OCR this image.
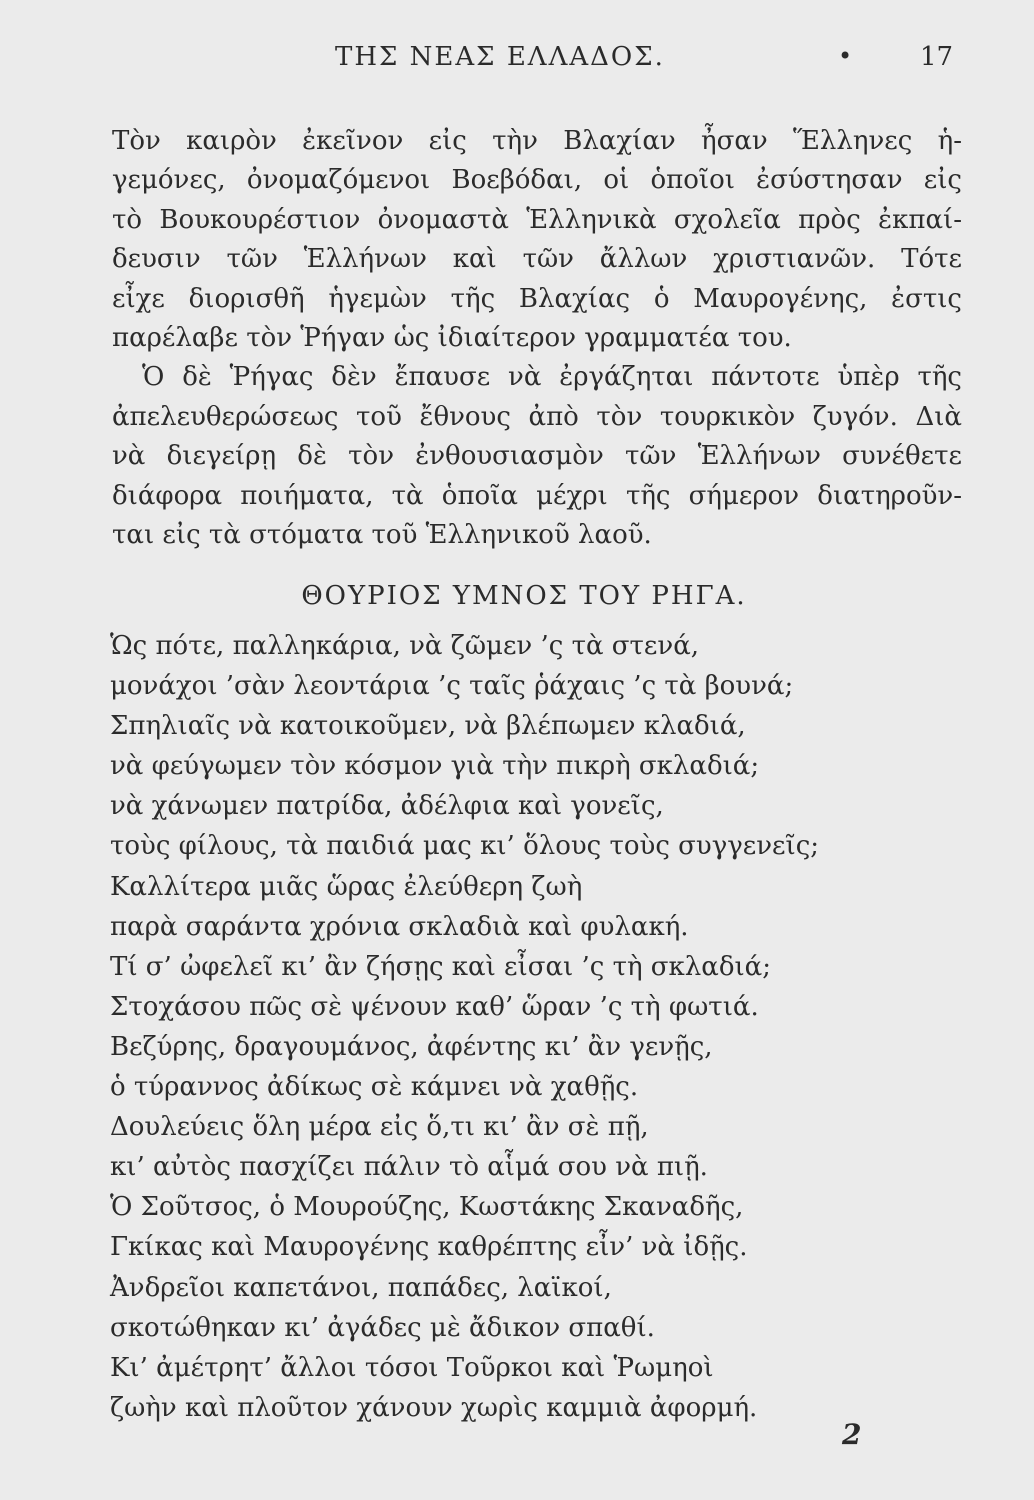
ΤΗΣ ΝΕΑΣ ΕΛΛΑΔΟΣ.	•	17
Τὸν καιρὸν ἐκεῖνον εἰς τὴν Βλαχίαν ἦσαν Ἕλληνες ἡ-
γεμόνες, ὀνομαζόμενοι Βοεβόδαι, οἱ ὁποῖοι ἐσύστησαν εἰς
τὸ Βουκουρέστιον ὀνομαστὰ Ἑλληνικὰ σχολεῖα πρὸς ἐκπαί-
δευσιν τῶν Ἑλλήνων καὶ τῶν ἄλλων χριστιανῶν. Τότε
εἶχε διορισθῆ ἡγεμὼν τῆς Βλαχίας ὁ Μαυρογένης, ἐστις
παρέλαβε τὸν Ῥήγαν ὡς ἰδιαίτερον γραμματέα του.
Ὁ δὲ Ῥήγας δὲν ἔπαυσε νὰ ἐργάζηται πάντοτε ὑπὲρ τῆς
ἀπελευθερώσεως τοῦ ἔθνους ἀπὸ τὸν τουρκικὸν ζυγόν. Διὰ
νὰ διεγείρῃ δὲ τὸν ἐνθουσιασμὸν τῶν Ἑλλήνων συνέθετε
διάφορα ποιήματα, τὰ ὁποῖα μέχρι τῆς σήμερον διατηροῦν-
ται εἰς τὰ στόματα τοῦ Ἑλληνικοῦ λαοῦ.
ΘΟΥΡΙΟΣ ΥΜΝΟΣ ΤΟΥ ΡΗΓΑ.
Ὡς πότε, παλληκάρια, νὰ ζῶμεν ’ς τὰ στενά,
μονάχοι ’σὰν λεοντάρια ’ς ταῖς ῥάχαις ’ς τὰ βουνά;
Σπηλιαῖς νὰ κατοικοῦμεν, νὰ βλέπωμεν κλαδιά,
νὰ φεύγωμεν τὸν κόσμον γιὰ τὴν πικρὴ σκλαδιά;
νὰ χάνωμεν πατρίδα, ἀδέλφια καὶ γονεῖς,
τοὺς φίλους, τὰ παιδιά μας κι’ ὅλους τοὺς συγγενεῖς;
Καλλίτερα μιᾶς ὥρας ἐλεύθερη ζωὴ
παρὰ σαράντα χρόνια σκλαδιὰ καὶ φυλακή.
Τί σ’ ὠφελεῖ κι’ ἂν ζήσῃς καὶ εἶσαι ’ς τὴ σκλαδιά;
Στοχάσου πῶς σὲ ψένουν καθ’ ὥραν ’ς τὴ φωτιά.
Βεζύρης, δραγουμάνος, ἀφέντης κι’ ἂν γενῇς,
ὁ τύραννος ἀδίκως σὲ κάμνει νὰ χαθῇς.
Δουλεύεις ὅλη μέρα εἰς ὅ,τι κι’ ἂν σὲ πῇ,
κι’ αὐτὸς πασχίζει πάλιν τὸ αἷμά σου νὰ πιῇ.
Ὁ Σοῦτσος, ὁ Μουρούζης, Κωστάκης Σκαναδῆς,
Γκίκας καὶ Μαυρογένης καθρέπτης εἶν’ νὰ ἰδῇς.
Ἀνδρεῖοι καπετάνοι, παπάδες, λαϊκοί,
σκοτώθηκαν κι’ ἀγάδες μὲ ἄδικον σπαθί.
Κι’ ἀμέτρητ’ ἄλλοι τόσοι Τοῦρκοι καὶ Ῥωμηοὶ
ζωὴν καὶ πλοῦτον χάνουν χωρὶς καμμιὰ ἀφορμή.
2
